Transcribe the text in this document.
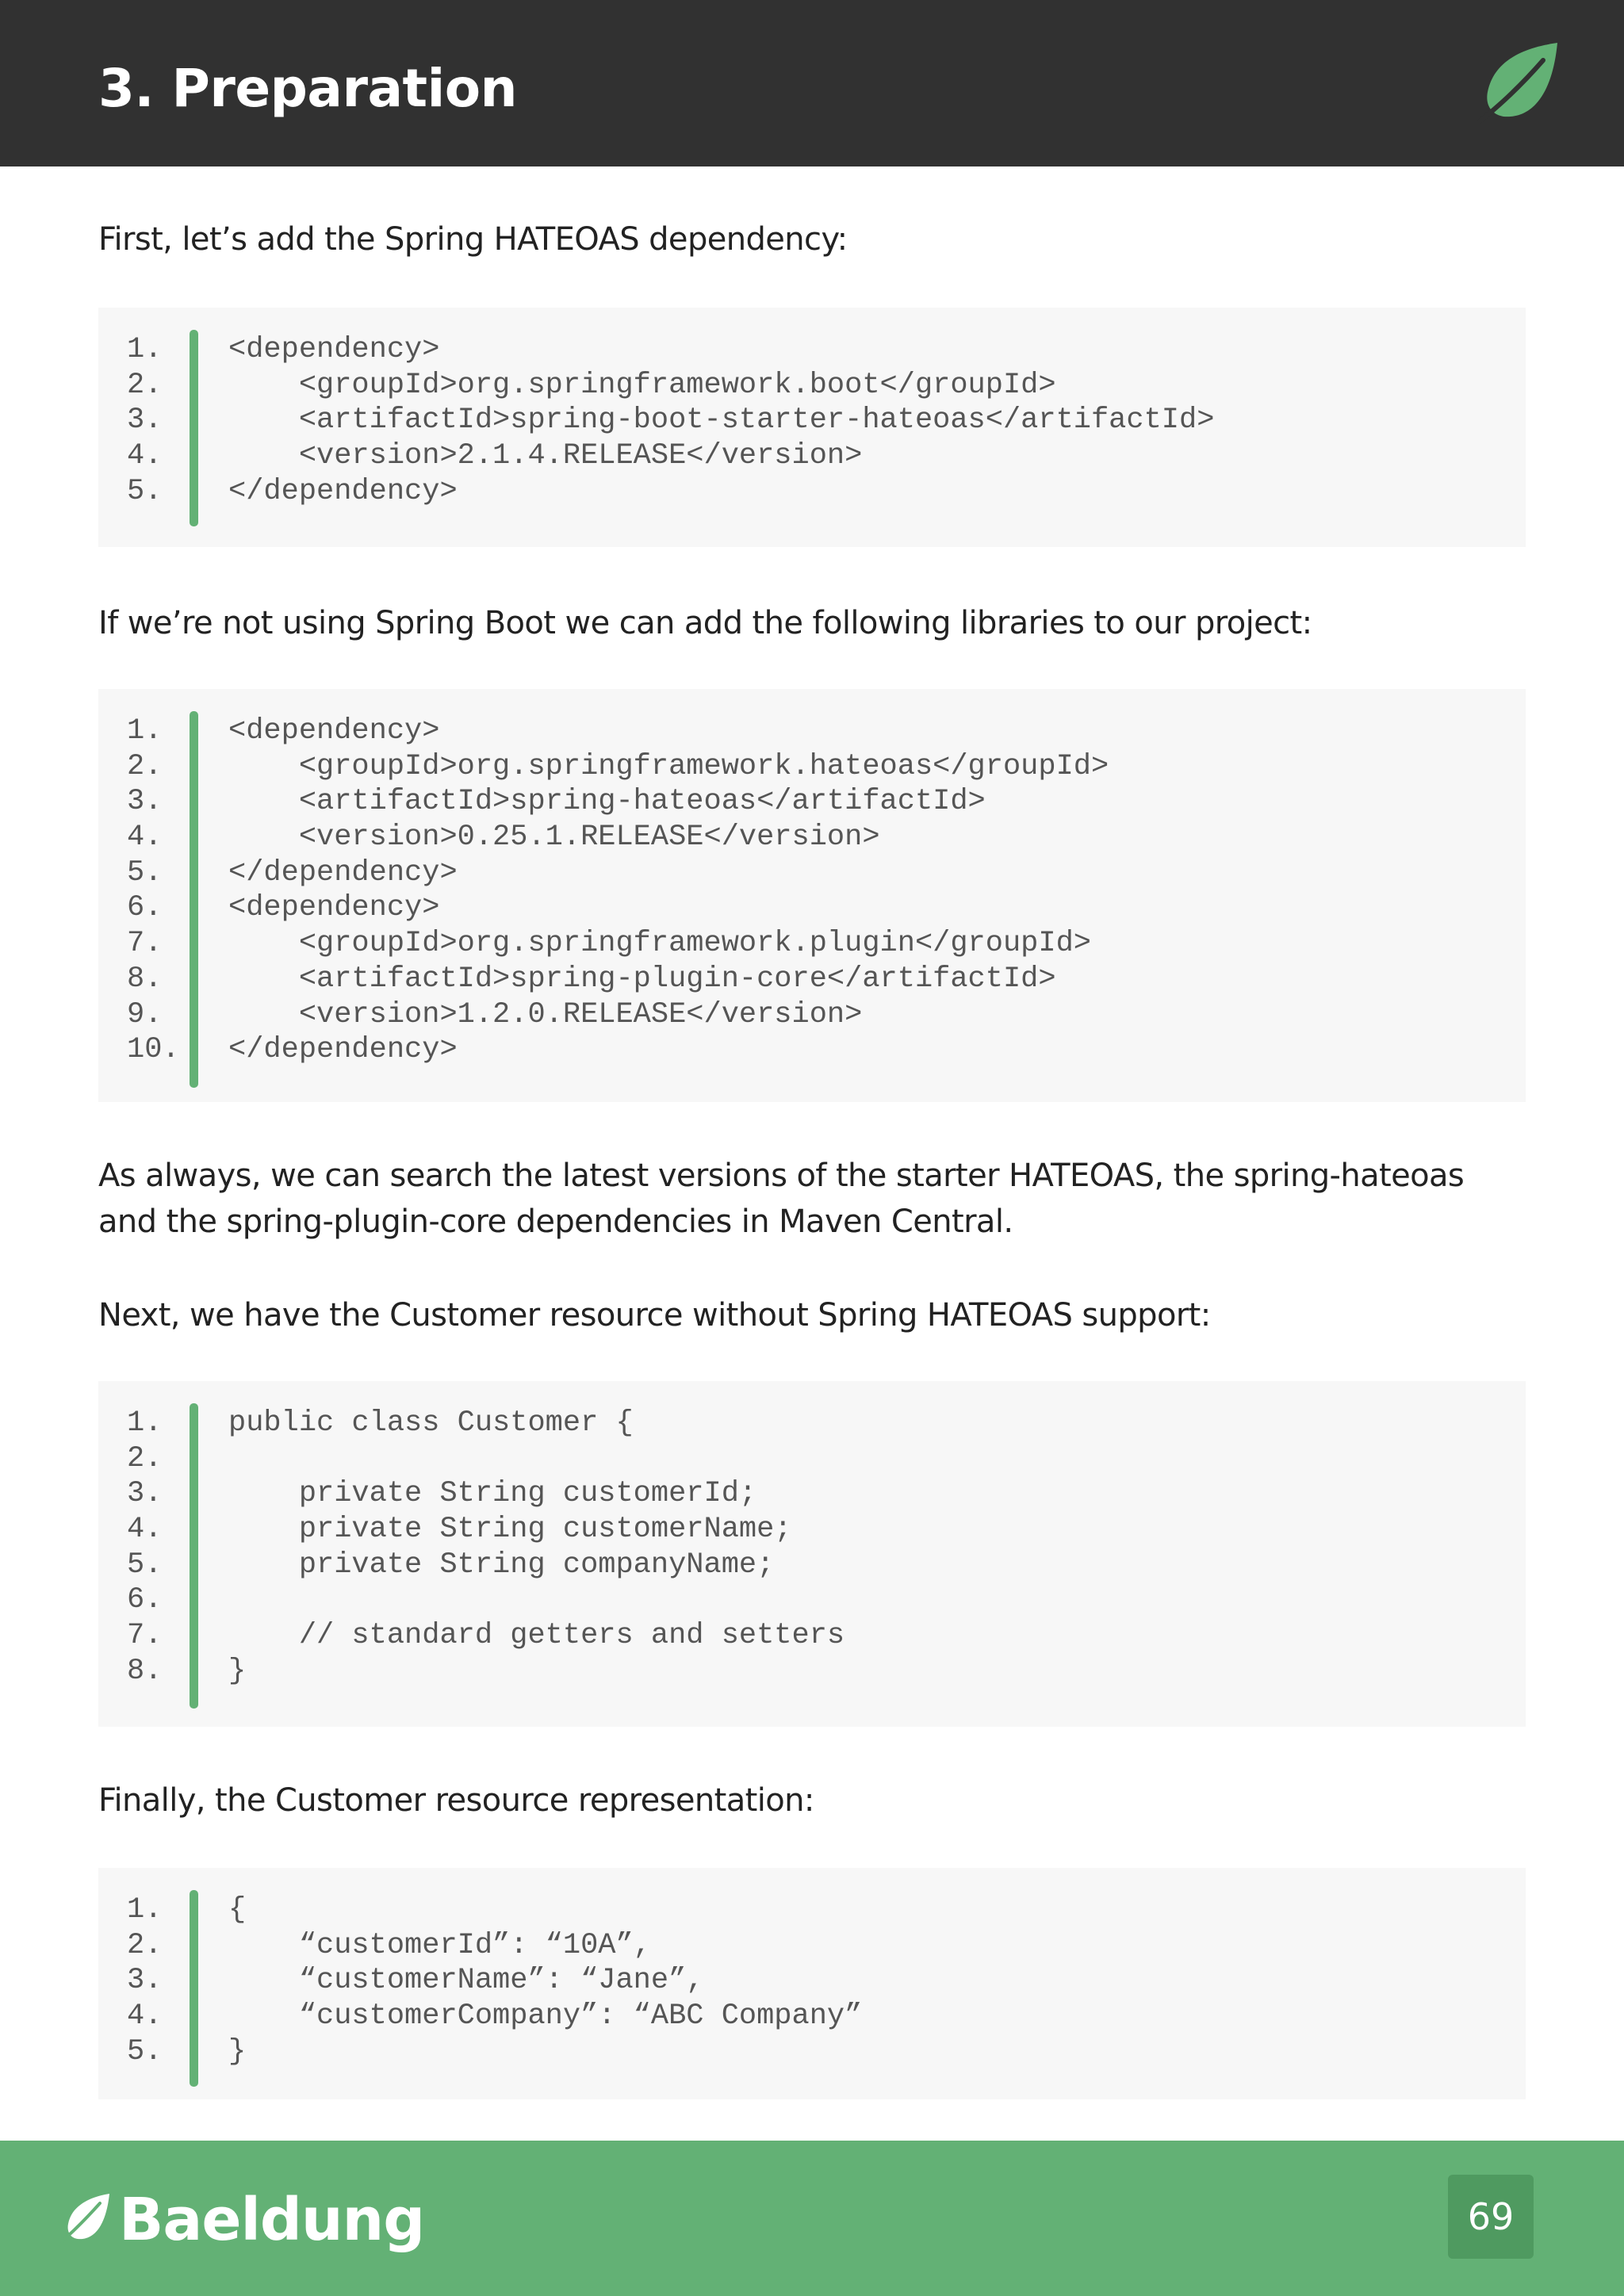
3. Preparation

First, let’s add the Spring HATEOAS dependency:

1.	<dependency>
2.	<groupId>org.springframework.boot</groupId>
3.	<artifactId>spring-boot-starter-hateoas</artifactId>
4.	<version>2.1.4.RELEASE</version>
5.	</dependency>

If we’re not using Spring Boot we can add the following libraries to our project:

1.	<dependency>
2.	<groupId>org.springframework.hateoas</groupId>
3.	<artifactId>spring-hateoas</artifactId>
4.	<version>0.25.1.RELEASE</version>
5.	</dependency>
6.	<dependency>
7.	<groupId>org.springframework.plugin</groupId>
8.	<artifactId>spring-plugin-core</artifactId>
9.	<version>1.2.0.RELEASE</version>
10.	</dependency>

As always, we can search the latest versions of the starter HATEOAS, the spring-hateoas and the spring-plugin-core dependencies in Maven Central.

Next, we have the Customer resource without Spring HATEOAS support:

1.	public class Customer {
2.
3.	private String customerId;
4.	private String customerName;
5.	private String companyName;
6.
7.	// standard getters and setters
8.	}

Finally, the Customer resource representation:

1.	{
2.	“customerId”: “10A”,
3.	“customerName”: “Jane”,
4.	“customerCompany”: “ABC Company”
5.	}
Baeldung	69
